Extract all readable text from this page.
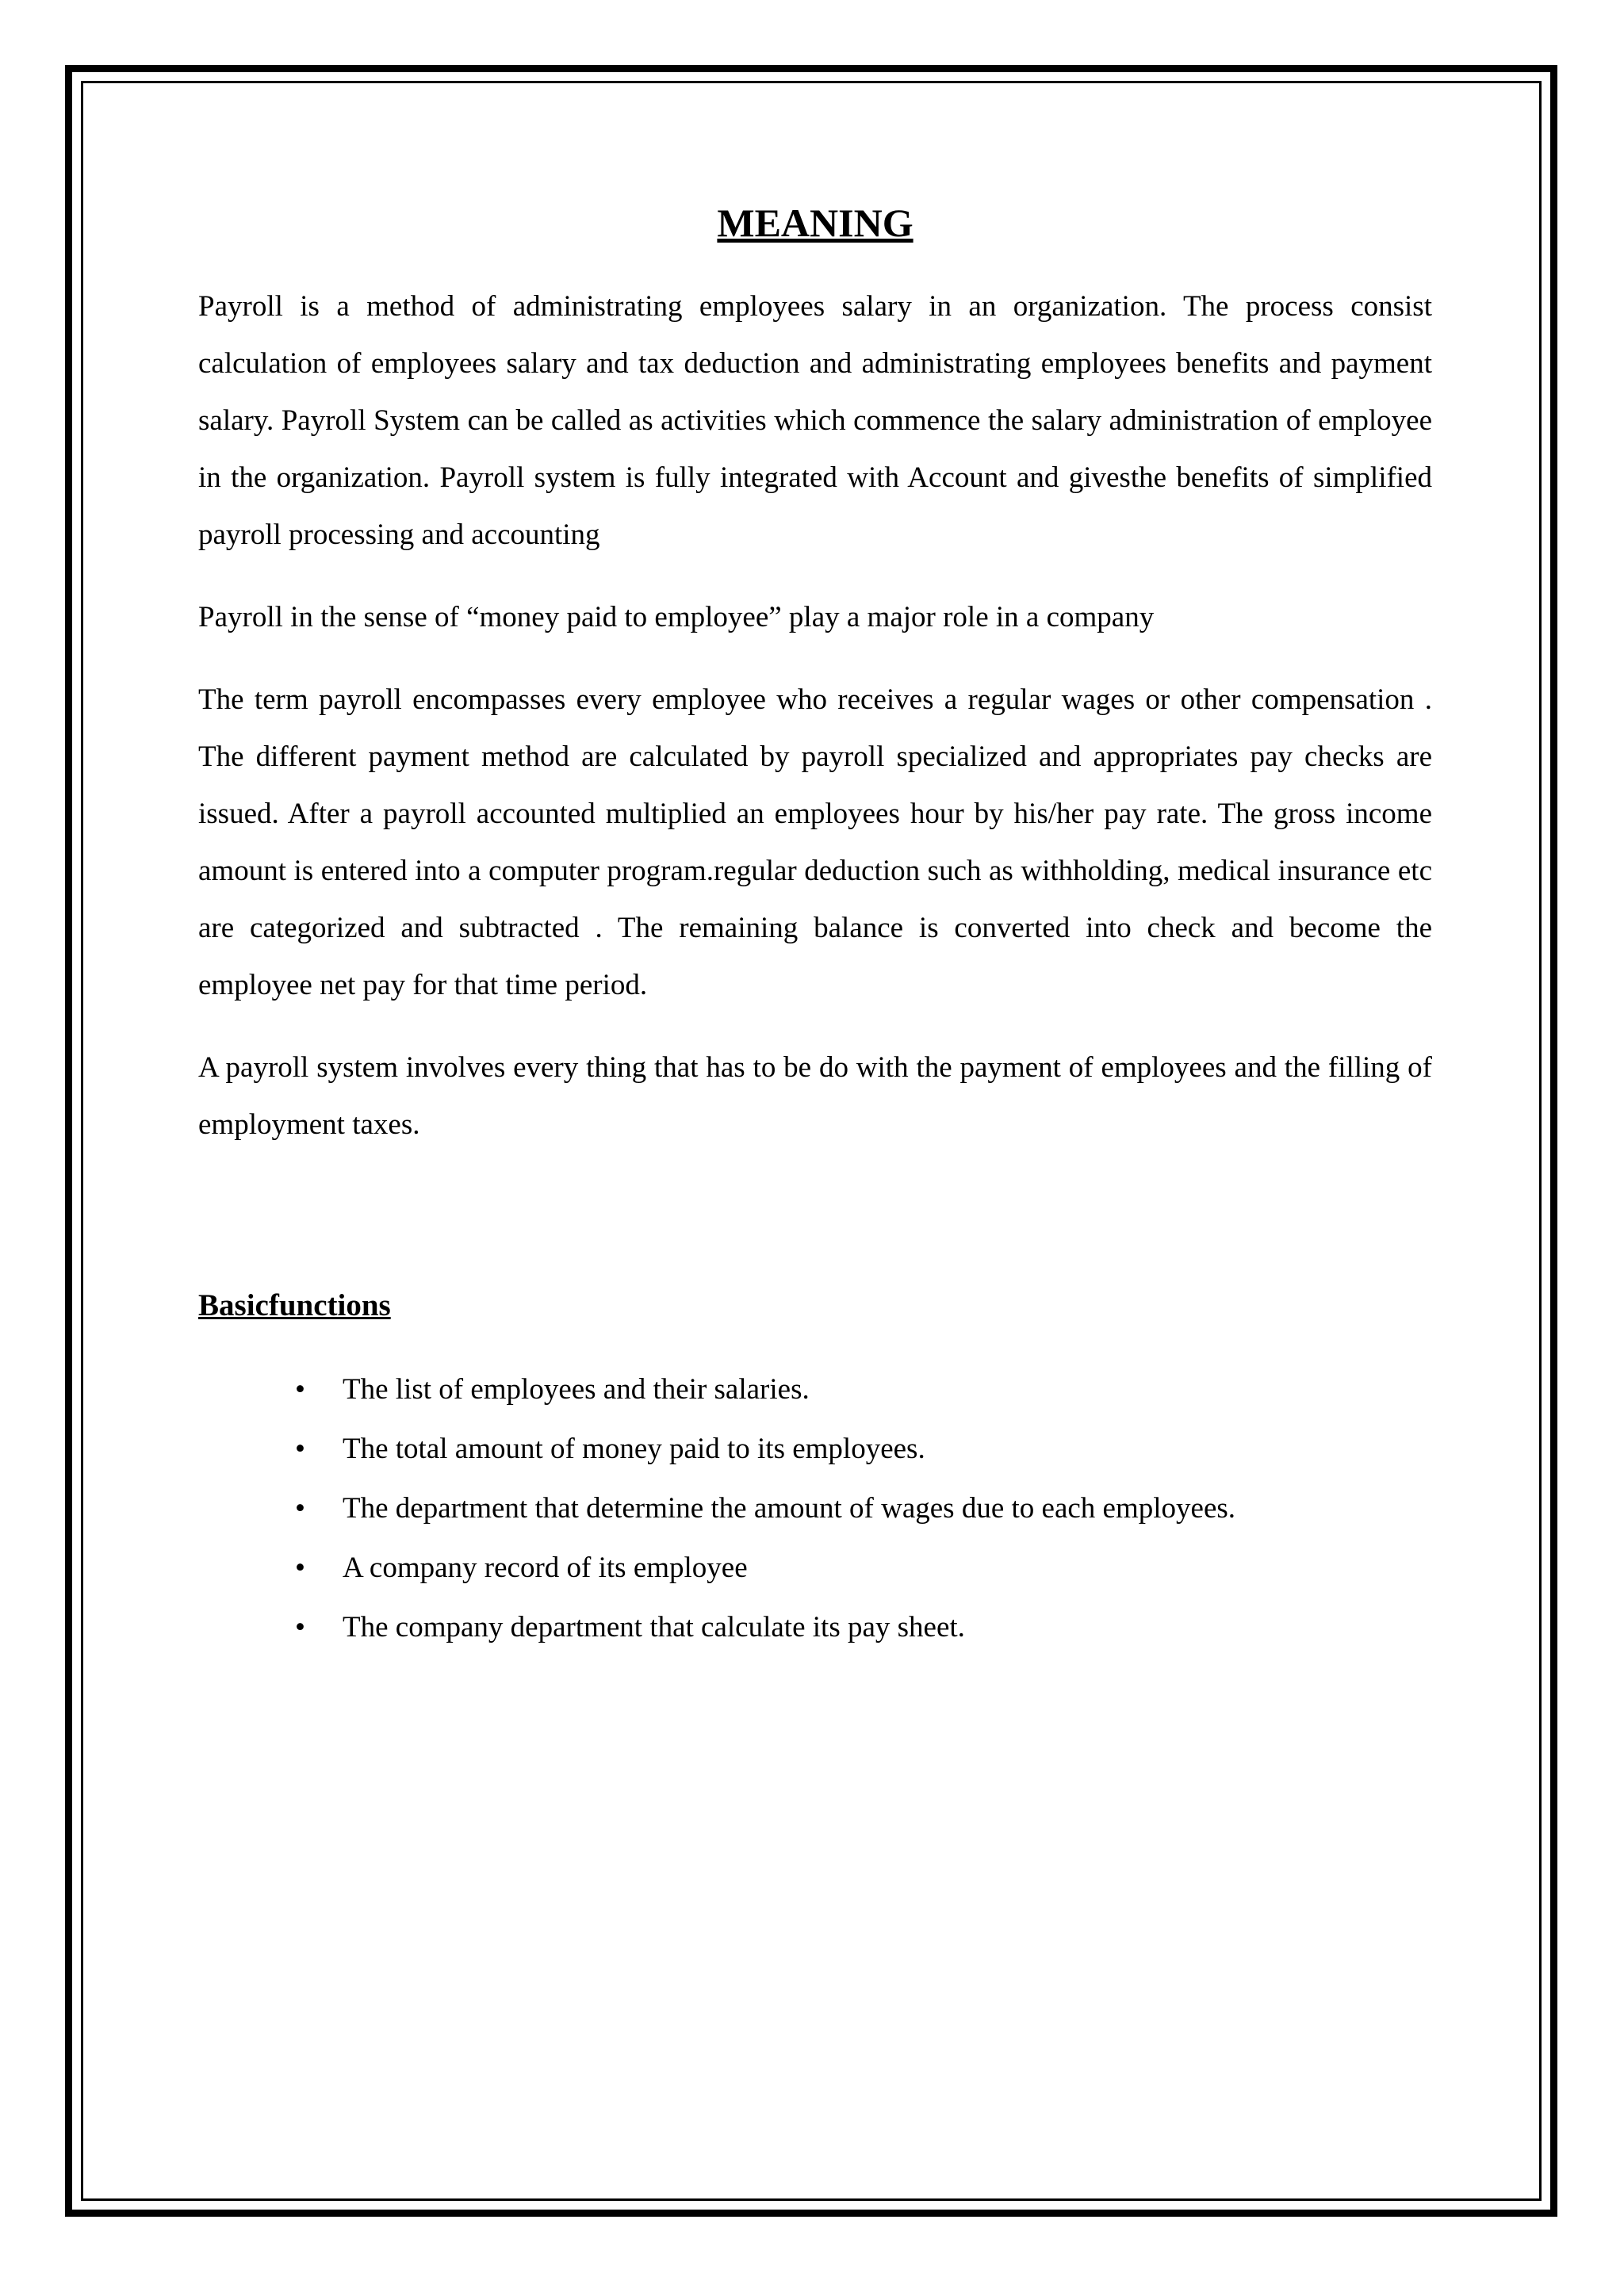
MEANING

Payroll is a method of administrating employees salary in an organization. The process consist calculation of employees salary and tax deduction and administrating employees benefits and payment salary. Payroll System can be called as activities which commence the salary administration of employee in the organization. Payroll system is fully integrated with Account and givesthe benefits of simplified payroll processing and accounting

Payroll in the sense of “money paid to employee” play a major role in a company

The term payroll encompasses every employee who receives a regular wages or other compensation . The different payment method are calculated by payroll specialized and appropriates pay checks are issued. After a payroll accounted multiplied an employees hour by his/her pay rate. The gross income amount is entered into a computer program.regular deduction such as withholding, medical insurance etc are categorized and subtracted . The remaining balance is converted into check and become the employee net pay for that time period.

A payroll system involves every thing that has to be do with the payment of employees and the filling of employment taxes.

Basicfunctions
• The list of employees and their salaries.
• The total amount of money paid to its employees.
• The department that determine the amount of wages due to each employees.
• A company record of its employee
• The company department that calculate its pay sheet.
